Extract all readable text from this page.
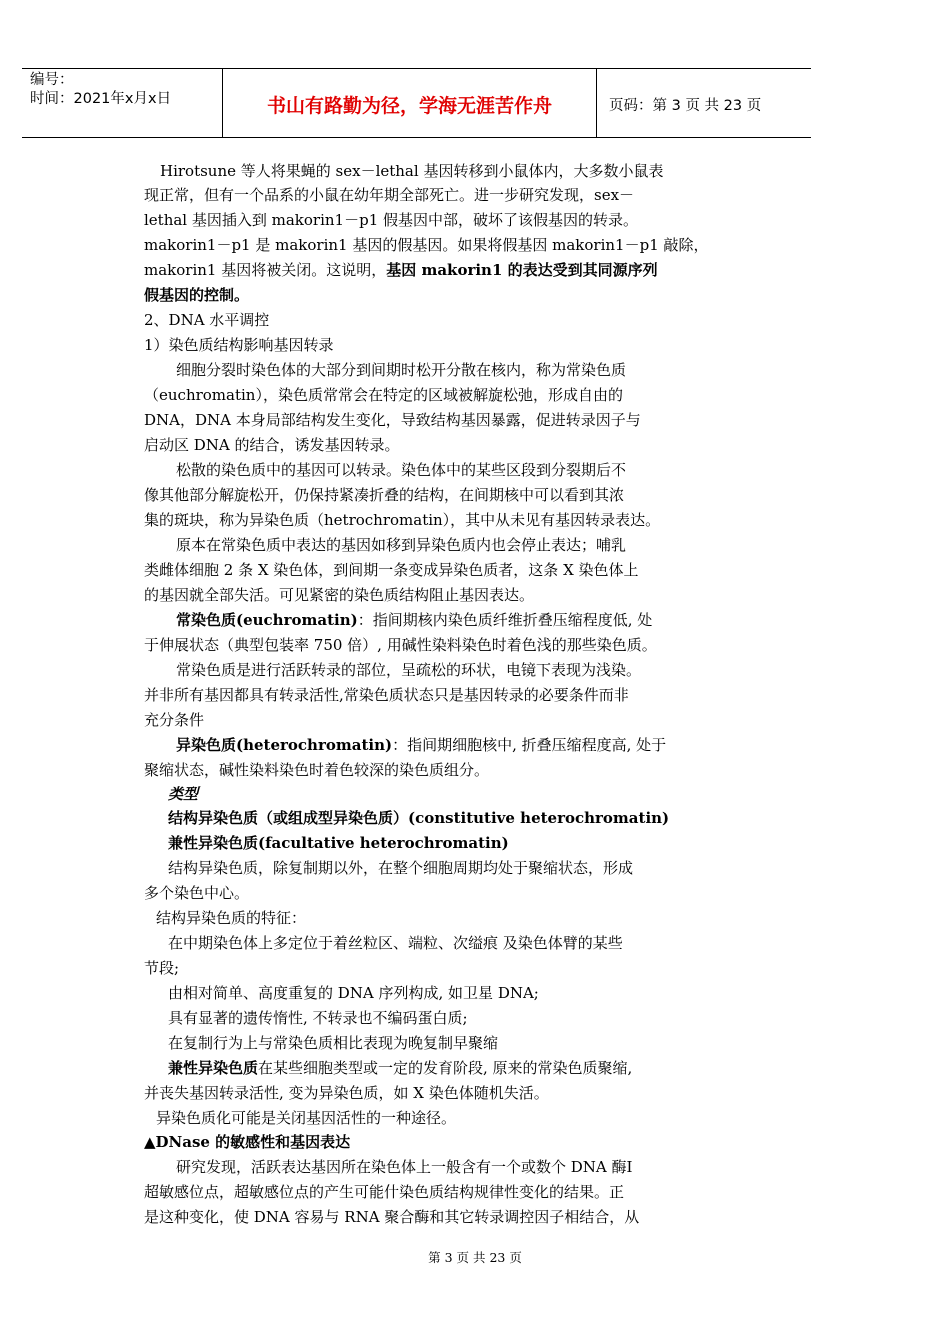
编号：
时间：2021年x月x日	书山有路勤为径，学海无涯苦作舟	页码：第 3 页 共 23 页
Hirotsune 等人将果蝇的 sex－lethal 基因转移到小鼠体内，大多数小鼠表
现正常，但有一个品系的小鼠在幼年期全部死亡。进一步研究发现，sex－
lethal 基因插入到 makorin1－p1 假基因中部，破坏了该假基因的转录。
makorin1－p1 是 makorin1 基因的假基因。如果将假基因 makorin1－p1 敲除，
makorin1 基因将被关闭。这说明，基因 makorin1 的表达受到其同源序列
假基因的控制。
2、DNA 水平调控
1）染色质结构影响基因转录
细胞分裂时染色体的大部分到间期时松开分散在核内，称为常染色质
（euchromatin），染色质常常会在特定的区域被解旋松弛，形成自由的
DNA，DNA 本身局部结构发生变化，导致结构基因暴露，促进转录因子与
启动区 DNA 的结合，诱发基因转录。
松散的染色质中的基因可以转录。染色体中的某些区段到分裂期后不
像其他部分解旋松开，仍保持紧凑折叠的结构，在间期核中可以看到其浓
集的斑块，称为异染色质（hetrochromatin），其中从未见有基因转录表达。
原本在常染色质中表达的基因如移到异染色质内也会停止表达；哺乳
类雌体细胞 2 条 X 染色体，到间期一条变成异染色质者，这条 X 染色体上
的基因就全部失活。可见紧密的染色质结构阻止基因表达。
常染色质(euchromatin)：指间期核内染色质纤维折叠压缩程度低, 处
于伸展状态（典型包装率 750 倍）, 用碱性染料染色时着色浅的那些染色质。
常染色质是进行活跃转录的部位，呈疏松的环状，电镜下表现为浅染。
并非所有基因都具有转录活性,常染色质状态只是基因转录的必要条件而非
充分条件
异染色质(heterochromatin)：指间期细胞核中, 折叠压缩程度高, 处于
聚缩状态，碱性染料染色时着色较深的染色质组分。
类型
结构异染色质（或组成型异染色质）(constitutive heterochromatin)
兼性异染色质(facultative heterochromatin)
结构异染色质，除复制期以外，在整个细胞周期均处于聚缩状态，形成
多个染色中心。
结构异染色质的特征：
在中期染色体上多定位于着丝粒区、端粒、次缢痕 及染色体臂的某些
节段;
由相对简单、高度重复的 DNA 序列构成, 如卫星 DNA;
具有显著的遗传惰性, 不转录也不编码蛋白质;
在复制行为上与常染色质相比表现为晚复制早聚缩
兼性异染色质在某些细胞类型或一定的发育阶段, 原来的常染色质聚缩,
并丧失基因转录活性, 变为异染色质，如 X 染色体随机失活。
异染色质化可能是关闭基因活性的一种途径。
▲DNase 的敏感性和基因表达
研究发现，活跃表达基因所在染色体上一般含有一个或数个 DNA 酶Ⅰ
超敏感位点，超敏感位点的产生可能什染色质结构规律性变化的结果。正
是这种变化，使 DNA 容易与 RNA 聚合酶和其它转录调控因子相结合，从
第 3 页 共 23 页
